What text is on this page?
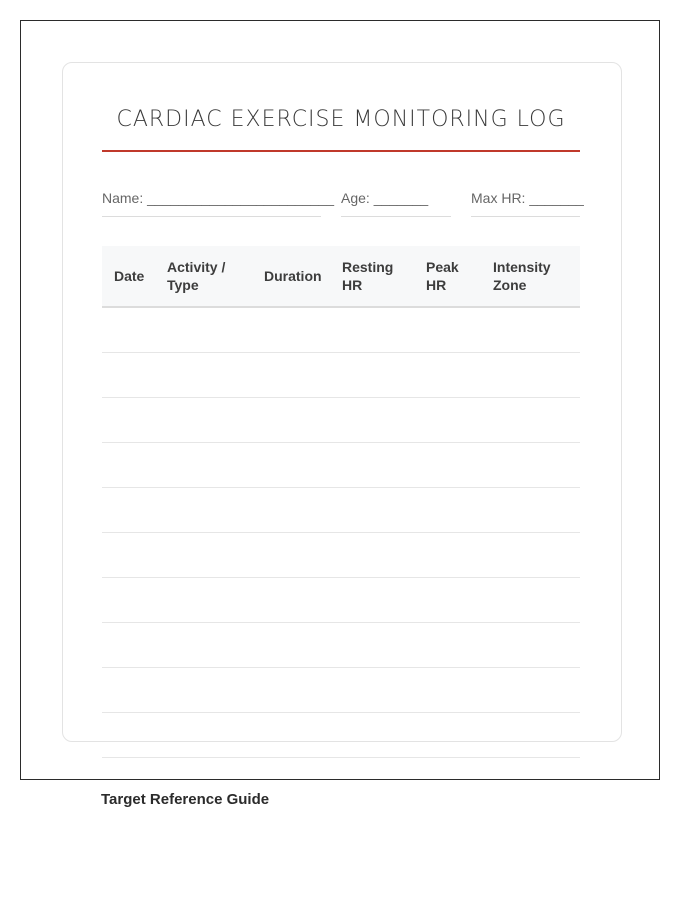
CARDIAC EXERCISE MONITORING LOG
Name: ________________________ Age: _______	Max HR: _______
Date
Activity /
Type
Duration
Resting
HR
Peak
HR
Intensity
Zone
Target Reference Guide
